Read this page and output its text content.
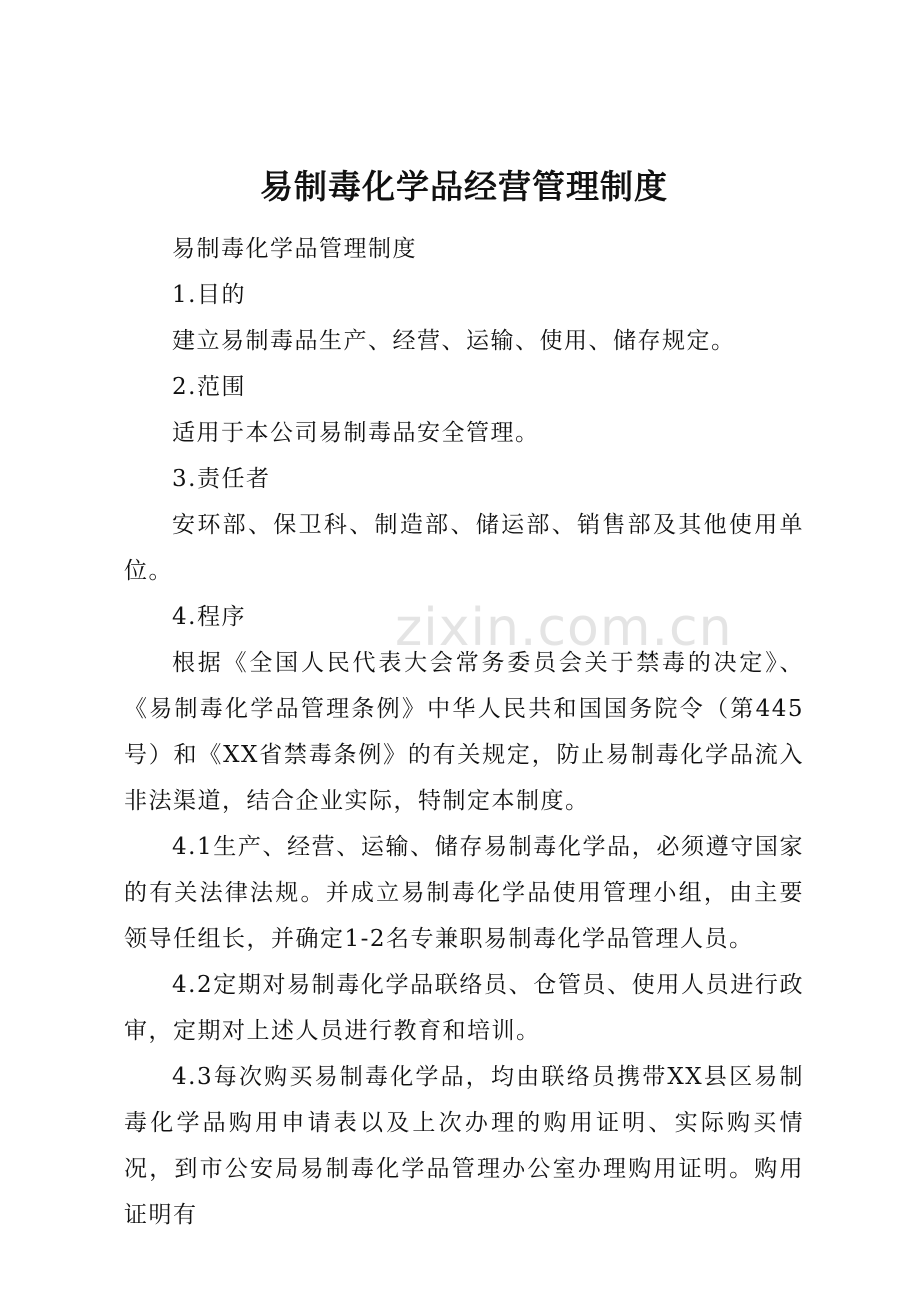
zixin.com.cn
易制毒化学品经营管理制度

易制毒化学品管理制度

1.目的

建立易制毒品生产、经营、运输、使用、储存规定。

2.范围

适用于本公司易制毒品安全管理。

3.责任者

安环部、保卫科、制造部、储运部、销售部及其他使用单位。

4.程序

根据《全国人民代表大会常务委员会关于禁毒的决定》、《易制毒化学品管理条例》中华人民共和国国务院令（第445号）和《XX省禁毒条例》的有关规定，防止易制毒化学品流入非法渠道，结合企业实际，特制定本制度。

4.1生产、经营、运输、储存易制毒化学品，必须遵守国家的有关法律法规。并成立易制毒化学品使用管理小组，由主要领导任组长，并确定1-2名专兼职易制毒化学品管理人员。

4.2定期对易制毒化学品联络员、仓管员、使用人员进行政审，定期对上述人员进行教育和培训。

4.3每次购买易制毒化学品，均由联络员携带XX县区易制毒化学品购用申请表以及上次办理的购用证明、实际购买情况，到市公安局易制毒化学品管理办公室办理购用证明。购用证明有
